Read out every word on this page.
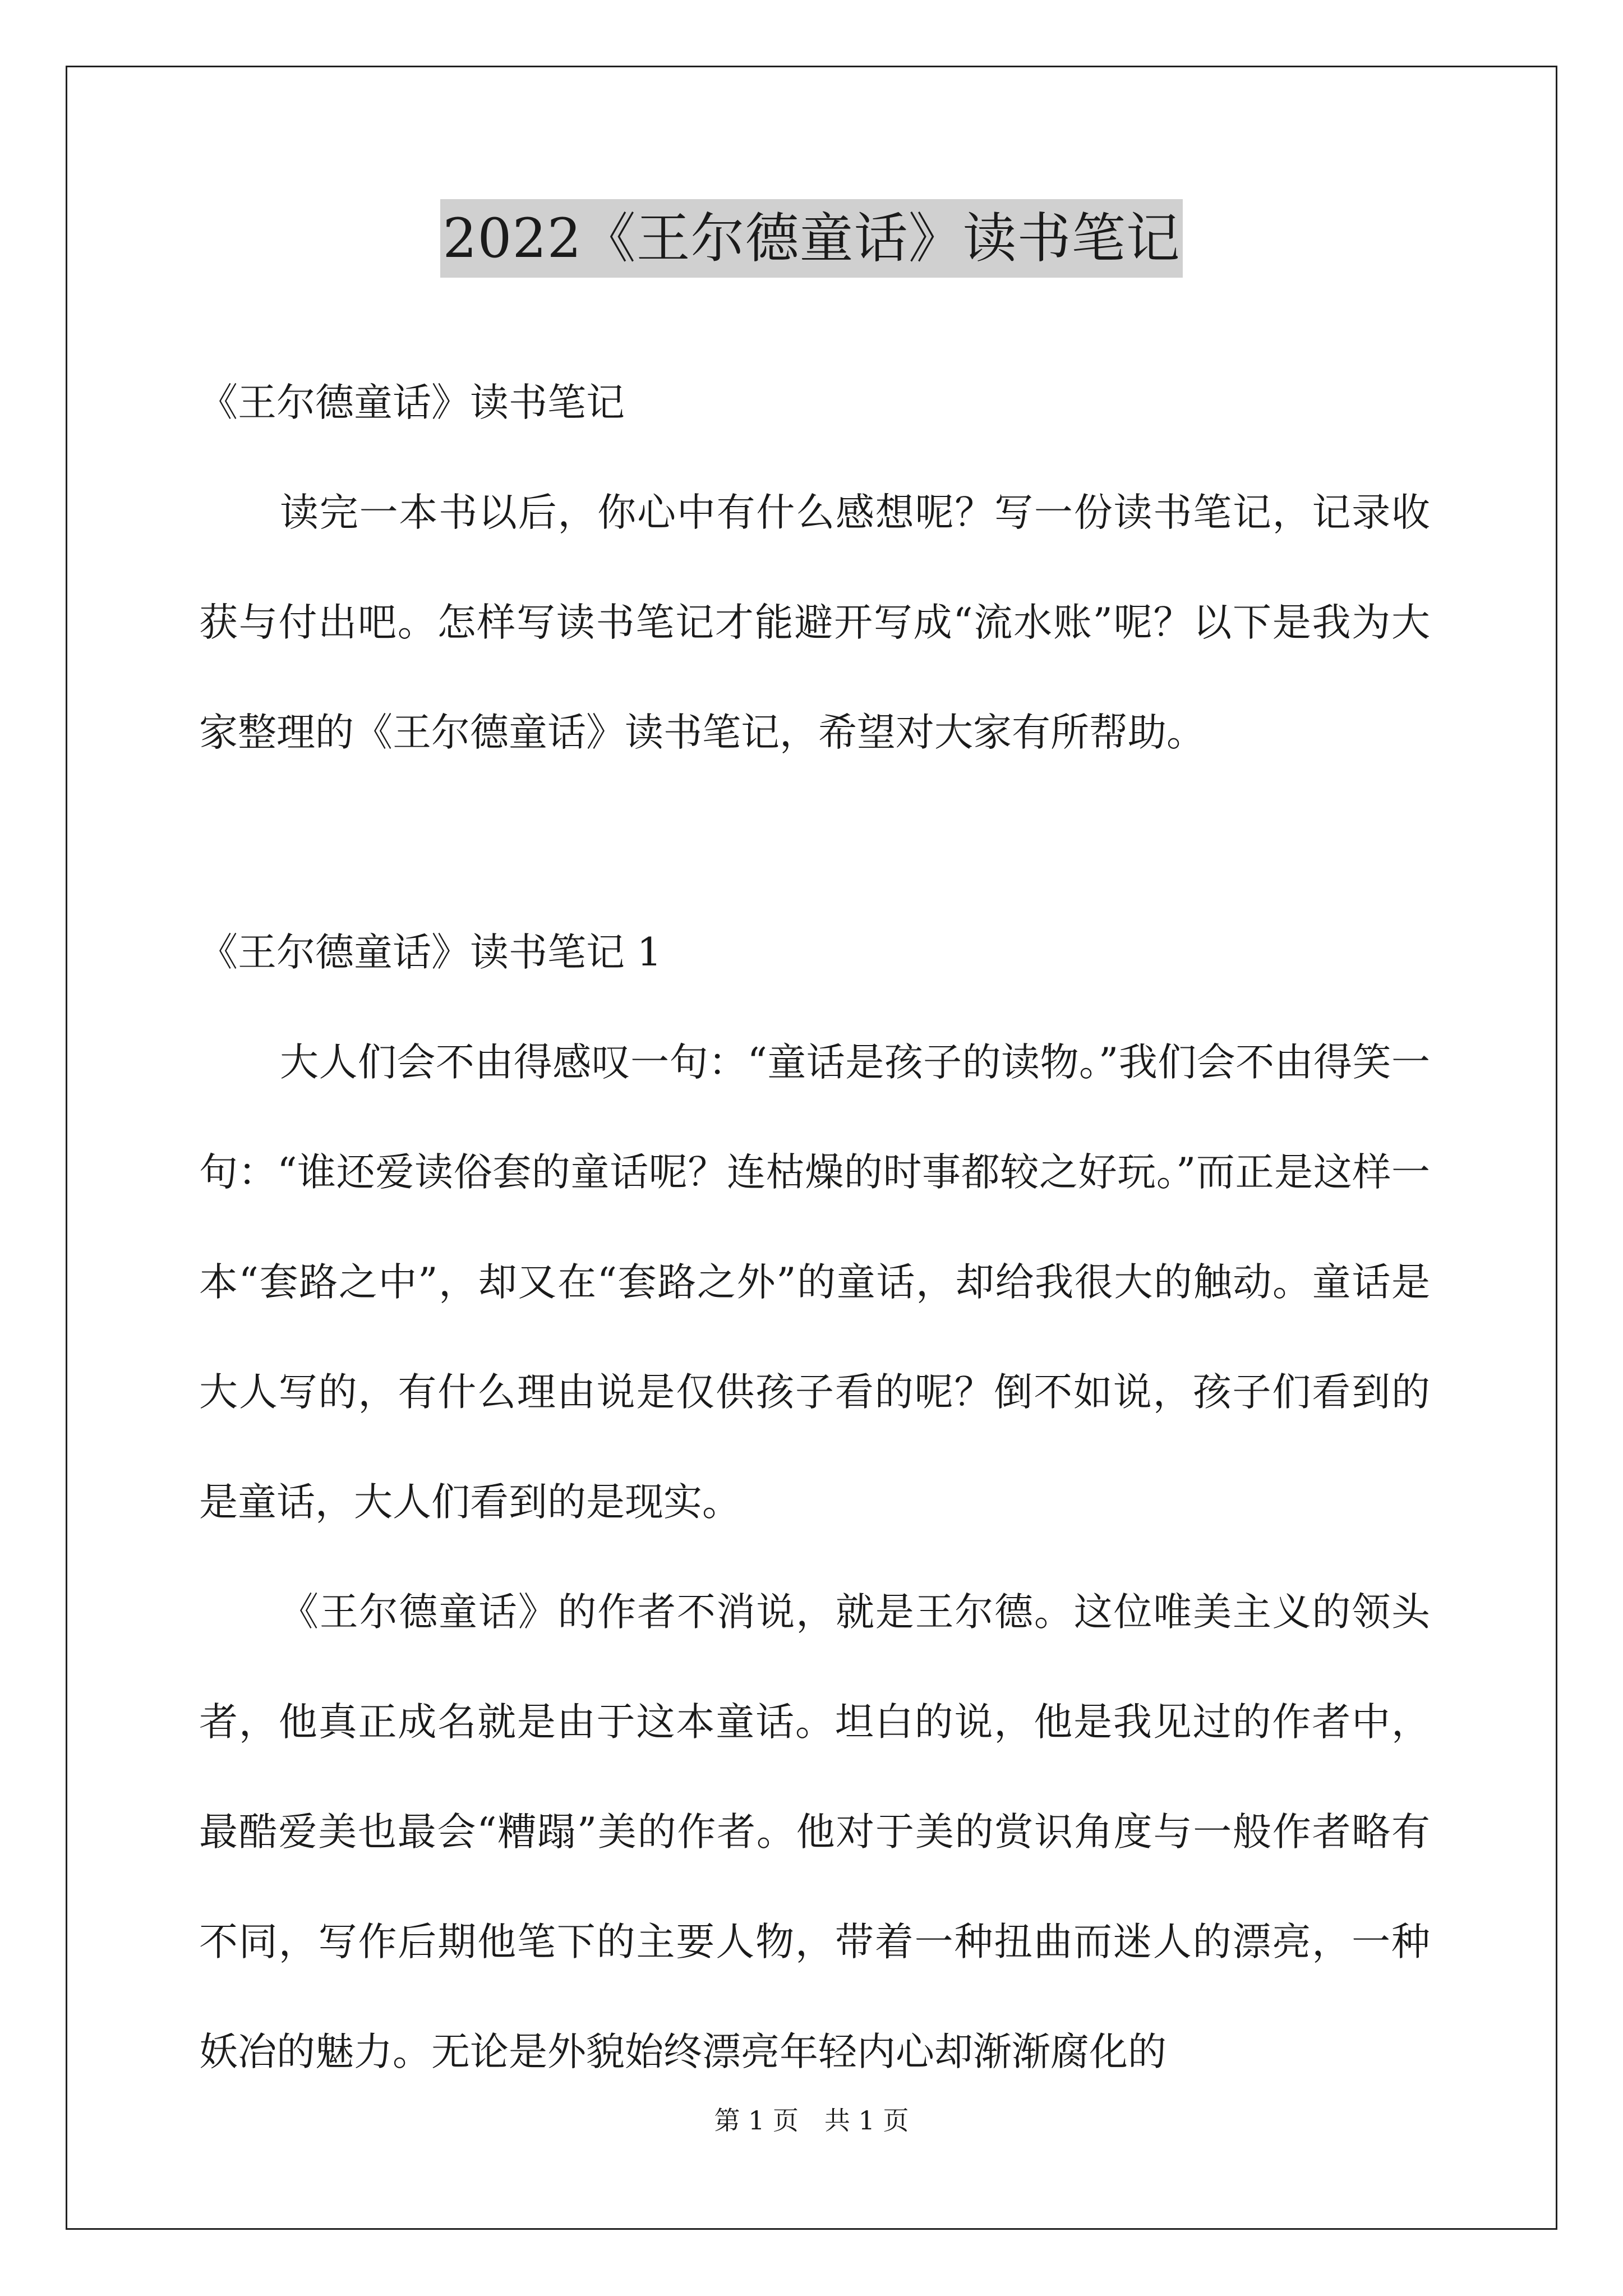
2022《王尔德童话》读书笔记

《王尔德童话》读书笔记

读完一本书以后，你心中有什么感想呢？写一份读书笔记，记录收获与付出吧。怎样写读书笔记才能避开写成“流水账”呢？以下是我为大家整理的《王尔德童话》读书笔记，希望对大家有所帮助。

《王尔德童话》读书笔记 1

大人们会不由得感叹一句：“童话是孩子的读物。”我们会不由得笑一句：“谁还爱读俗套的童话呢？连枯燥的时事都较之好玩。”而正是这样一本“套路之中”，却又在“套路之外”的童话，却给我很大的触动。童话是大人写的，有什么理由说是仅供孩子看的呢？倒不如说，孩子们看到的是童话，大人们看到的是现实。

《王尔德童话》的作者不消说，就是王尔德。这位唯美主义的领头者，他真正成名就是由于这本童话。坦白的说，他是我见过的作者中，最酷爱美也最会“糟蹋”美的作者。他对于美的赏识角度与一般作者略有不同，写作后期他笔下的主要人物，带着一种扭曲而迷人的漂亮，一种妖冶的魅力。无论是外貌始终漂亮年轻内心却渐渐腐化的

第 1 页　共 1 页
